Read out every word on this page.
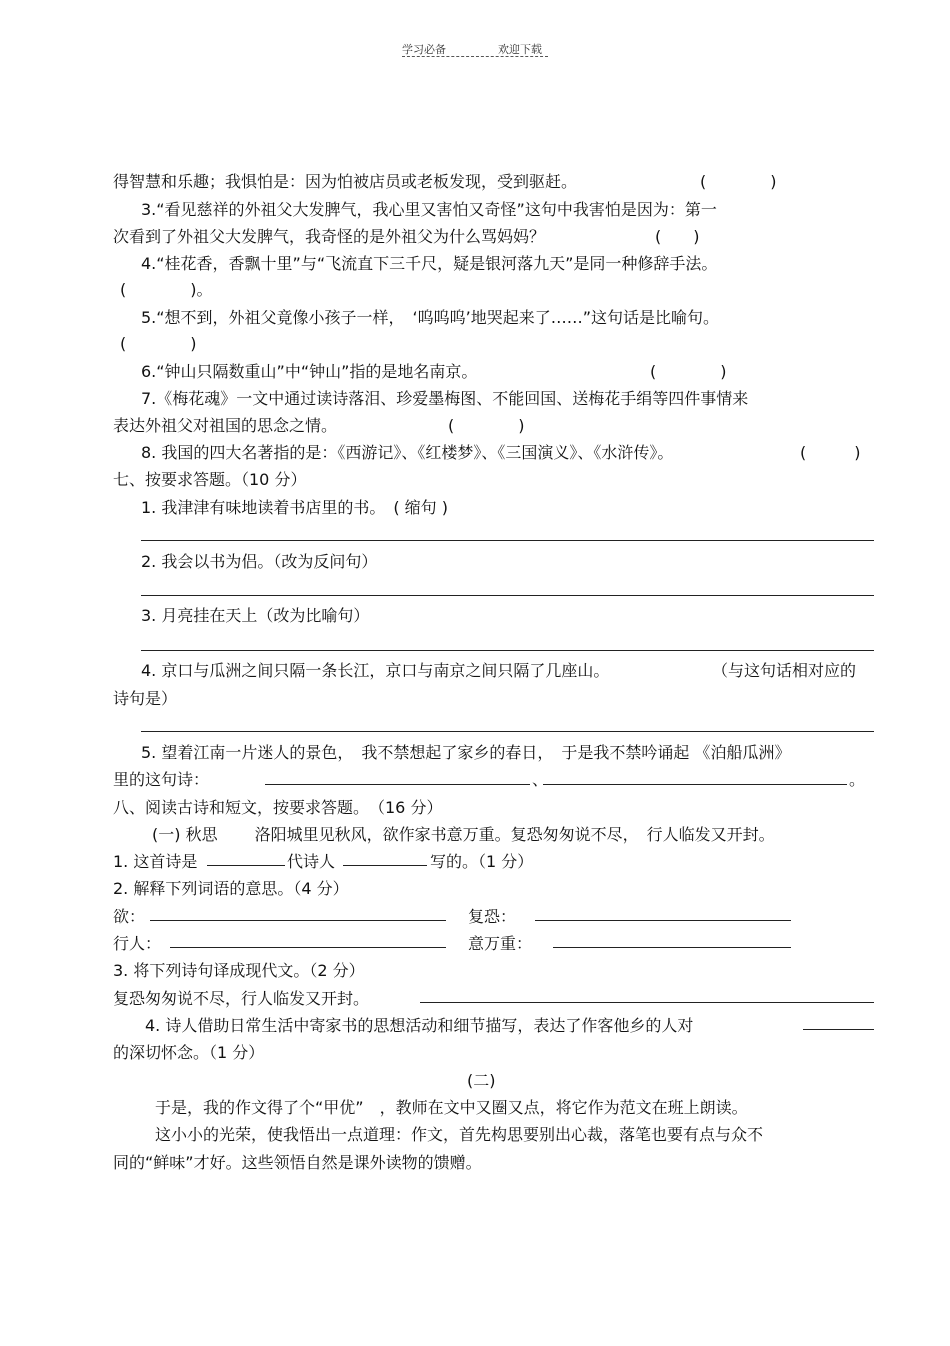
学习必备	欢迎下载
得智慧和乐趣；我惧怕是：因为怕被店员或老板发现，受到驱赶。	(　　　　)
3.“看见慈祥的外祖父大发脾气，我心里又害怕又奇怪”这句中我害怕是因为：第一
次看到了外祖父大发脾气，我奇怪的是外祖父为什么骂妈妈？	(　　)
4.“桂花香，香飘十里”与“飞流直下三千尺，疑是银河落九天”是同一种修辞手法。
(　　　　)。
5.“想不到，外祖父竟像小孩子一样，　‘呜呜呜’地哭起来了……”这句话是比喻句。
(　　　　)
6.“钟山只隔数重山”中“钟山”指的是地名南京。	(　　　　)
7.《梅花魂》一文中通过读诗落泪、珍爱墨梅图、不能回国、送梅花手绢等四件事情来
表达外祖父对祖国的思念之情。	(　　　　)
8. 我国的四大名著指的是：《西游记》、《红楼梦》、《三国演义》、《水浒传》。	(　　　)
七、按要求答题。（10 分）
1. 我津津有味地读着书店里的书。　( 缩句 )
2. 我会以书为侣。（改为反问句）
3. 月亮挂在天上（改为比喻句）
4. 京口与瓜洲之间只隔一条长江，京口与南京之间只隔了几座山。	（与这句话相对应的
诗句是）
5. 望着江南一片迷人的景色，　我不禁想起了家乡的春日，　于是我不禁吟诵起 《泊船瓜洲》
里的这句诗：	、	。
八、阅读古诗和短文，按要求答题。　（16 分）
(一) 秋思　　 洛阳城里见秋风，欲作家书意万重。复恐匆匆说不尽，　行人临发又开封。
1. 这首诗是	代诗人	写的。（1 分）
2. 解释下列词语的意思。（4 分）
欲：	复恐：
行人：	意万重：
3. 将下列诗句译成现代文。（2 分）
复恐匆匆说不尽，行人临发又开封。
4. 诗人借助日常生活中寄家书的思想活动和细节描写，表达了作客他乡的人对
的深切怀念。（1 分）
(二)
于是，我的作文得了个“甲优”　，教师在文中又圈又点，将它作为范文在班上朗读。
这小小的光荣，使我悟出一点道理：作文，首先构思要别出心裁，落笔也要有点与众不
同的“鲜味”才好。这些领悟自然是课外读物的馈赠。
